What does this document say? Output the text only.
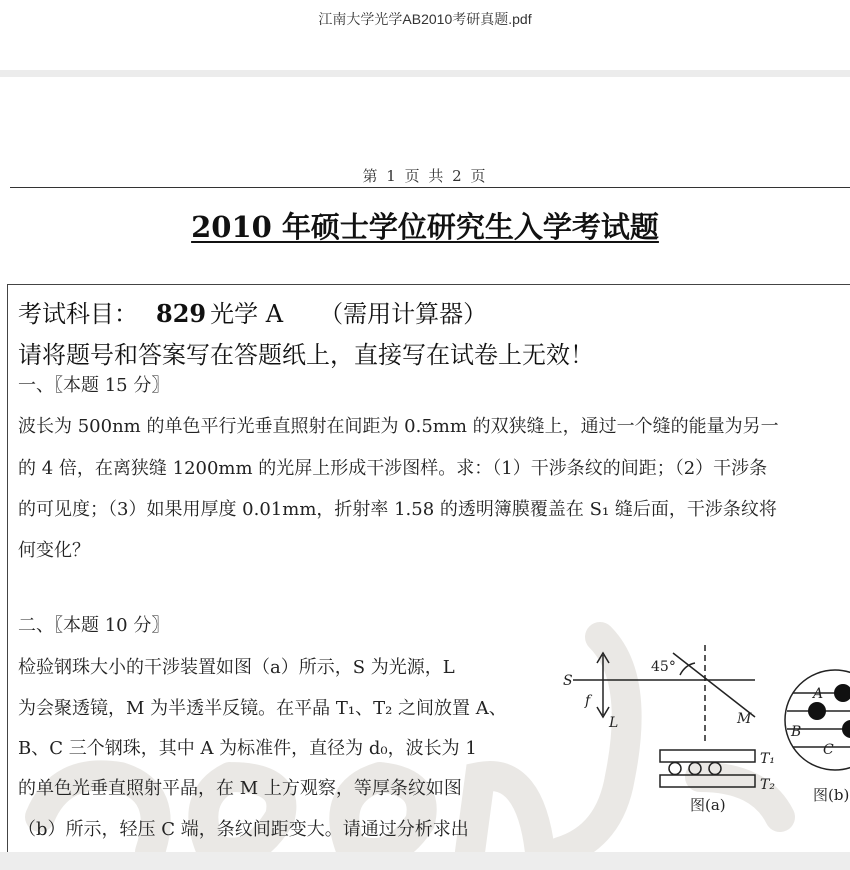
江南大学光学AB2010考研真题.pdf
第 1 页 共 2 页
2010 年硕士学位研究生入学考试题
考试科目： 829 光学 A （需用计算器）
请将题号和答案写在答题纸上，直接写在试卷上无效！
一、〖本题 15 分〗
波长为 500nm 的单色平行光垂直照射在间距为 0.5mm 的双狭缝上，通过一个缝的能量为另一
的 4 倍，在离狭缝 1200mm 的光屏上形成干涉图样。求：（1）干涉条纹的间距；（2）干涉条
的可见度；（3）如果用厚度 0.01mm，折射率 1.58 的透明簿膜覆盖在 S₁ 缝后面，干涉条纹将
何变化？
二、〖本题 10 分〗
检验钢珠大小的干涉装置如图（a）所示，S 为光源，L
为会聚透镜，M 为半透半反镜。在平晶 T₁、T₂ 之间放置 A、
B、C 三个钢珠，其中 A 为标准件，直径为 d₀，波长为 1
的单色光垂直照射平晶，在 M 上方观察，等厚条纹如图
（b）所示，轻压 C 端，条纹间距变大。请通过分析求出
S
f
L
45°
M
T₁
T₂
A
B
C
图(a)
图(b)
